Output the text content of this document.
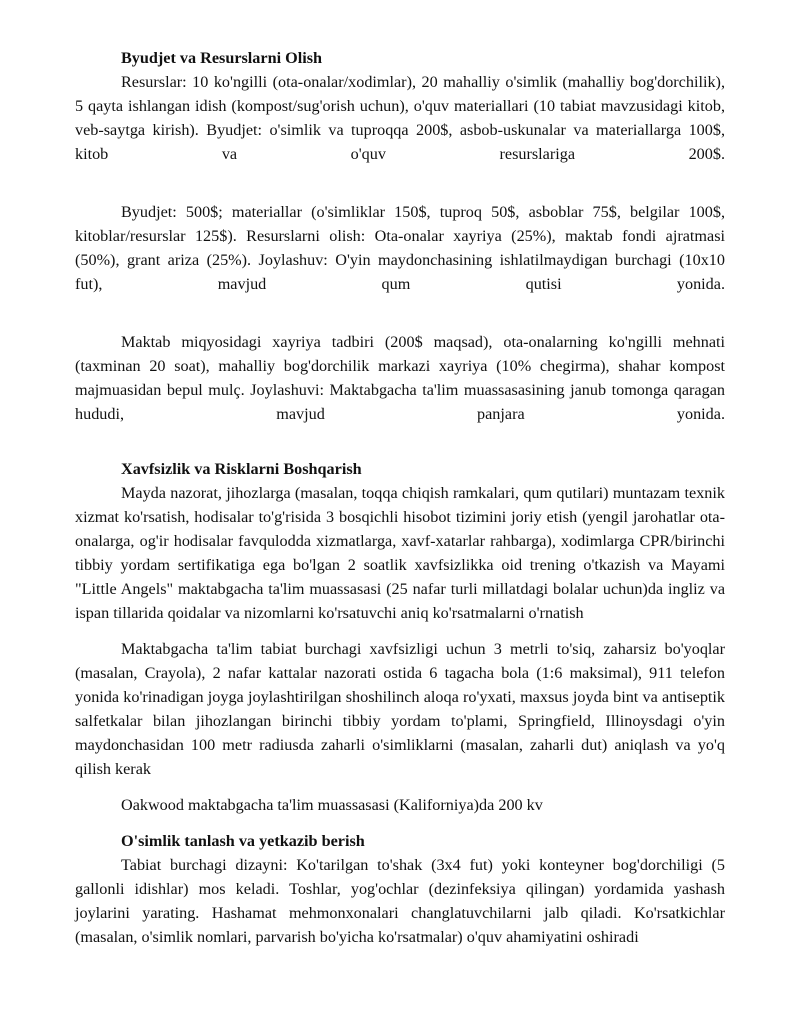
Byudjet va Resurslarni Olish

Resurslar: 10 ko'ngilli (ota-onalar/xodimlar), 20 mahalliy o'simlik (mahalliy bog'dorchilik), 5 qayta ishlangan idish (kompost/sug'orish uchun), o'quv materiallari (10 tabiat mavzusidagi kitob, veb-saytga kirish). Byudjet: o'simlik va tuproqqa 200$, asbob-uskunalar va materiallarga 100$, kitob va o'quv resurslariga 200$.

Byudjet: 500$; materiallar (o'simliklar 150$, tuproq 50$, asboblar 75$, belgilar 100$, kitoblar/resurslar 125$). Resurslarni olish: Ota-onalar xayriya (25%), maktab fondi ajratmasi (50%), grant ariza (25%). Joylashuv: O'yin maydonchasining ishlatilmaydigan burchagi (10x10 fut), mavjud qum qutisi yonida.

Maktab miqyosidagi xayriya tadbiri (200$ maqsad), ota-onalarning ko'ngilli mehnati (taxminan 20 soat), mahalliy bog'dorchilik markazi xayriya (10% chegirma), shahar kompost majmuasidan bepul mulç. Joylashuvi: Maktabgacha ta'lim muassasasining janub tomonga qaragan hududi, mavjud panjara yonida.

Xavfsizlik va Risklarni Boshqarish

Mayda nazorat, jihozlarga (masalan, toqqa chiqish ramkalari, qum qutilari) muntazam texnik xizmat ko'rsatish, hodisalar to'g'risida 3 bosqichli hisobot tizimini joriy etish (yengil jarohatlar ota-onalarga, og'ir hodisalar favqulodda xizmatlarga, xavf-xatarlar rahbarga), xodimlarga CPR/birinchi tibbiy yordam sertifikatiga ega bo'lgan 2 soatlik xavfsizlikka oid trening o'tkazish va Mayami "Little Angels" maktabgacha ta'lim muassasasi (25 nafar turli millatdagi bolalar uchun)da ingliz va ispan tillarida qoidalar va nizomlarni ko'rsatuvchi aniq ko'rsatmalarni o'rnatish

Maktabgacha ta'lim tabiat burchagi xavfsizligi uchun 3 metrli to'siq, zaharsiz bo'yoqlar (masalan, Crayola), 2 nafar kattalar nazorati ostida 6 tagacha bola (1:6 maksimal), 911 telefon yonida ko'rinadigan joyga joylashtirilgan shoshilinch aloqa ro'yxati, maxsus joyda bint va antiseptik salfetkalar bilan jihozlangan birinchi tibbiy yordam to'plami, Springfield, Illinoysdagi o'yin maydonchasidan 100 metr radiusda zaharli o'simliklarni (masalan, zaharli dut) aniqlash va yo'q qilish kerak

Oakwood maktabgacha ta'lim muassasasi (Kaliforniya)da 200 kv

O'simlik tanlash va yetkazib berish

Tabiat burchagi dizayni: Ko'tarilgan to'shak (3x4 fut) yoki konteyner bog'dorchiligi (5 gallonli idishlar) mos keladi. Toshlar, yog'ochlar (dezinfeksiya qilingan) yordamida yashash joylarini yarating. Hashamat mehmonxonalari changlatuvchilarni jalb qiladi. Ko'rsatkichlar (masalan, o'simlik nomlari, parvarish bo'yicha ko'rsatmalar) o'quv ahamiyatini oshiradi
